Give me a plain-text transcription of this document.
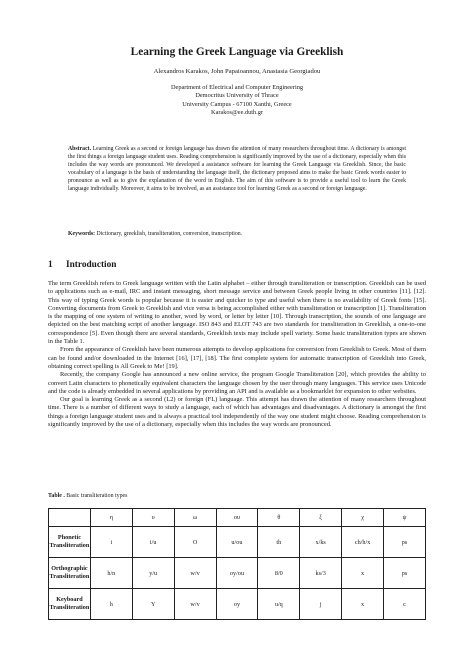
Learning the Greek Language via Greeklish
Alexandros Karakos, John Papaioannou, Anastasia Georgiadou
Department of Electrical and Computer Engineering
Democritus University of Thrace
University Campus - 67100 Xanthi, Greece
Karakos@ee.duth.gr
Abstract. Learning Greek as a second or foreign language has drawn the attention of many researchers throughout time. A dictionary is amongst the first things a foreign language student uses. Reading comprehension is significantly improved by the use of a dictionary, especially when this includes the way words are pronounced. We developed a assistance software for learning the Greek Language via Greeklish. Since, the basic vocabulary of a language is the basis of understanding the language itself, the dictionary proposed aims to make the basic Greek words easier to pronounce as well as to give the explanation of the word in English. The aim of this software is to provide a useful tool to learn the Greek language individually. Moreover, it aims to be involved, as an assistance tool for learning Greek as a second or foreign language.
Keywords: Dictionary, greeklish, transliteration, conversion, transcription.
1 Introduction

The term Greeklish refers to Greek language written with the Latin alphabet – either through transliteration or transcription. Greeklish can be used to applications such as e-mail, IRC and instant messaging, short message service and between Greek people living in other countries [11]. [12]. This way of typing Greek words is popular because it is easier and quicker to type and useful when there is no availability of Greek fonts [15]. Converting documents from Greek to Greeklish and vice versa is being accomplished either with transliteration or transcription [1]. Transliteration is the mapping of one system of writing to another, word by word, or letter by letter [10]. Through transcription, the sounds of one language are depicted on the best matching script of another language. ISO 843 and ELOT 743 are two standards for transliteration in Greeklish, a one-to-one correspondence [5]. Even though there are several standards, Greeklish texts may include spell variety. Some basic transliteration types are shown in the Table 1.

From the appearance of Greeklish have been numerous attempts to develop applications for conversion from Greeklish to Greek. Most of them can be found and/or downloaded in the Internet [16], [17], [18]. The first complete system for automatic transcription of Greeklish into Greek, obtaining correct spelling is All Greek to Me! [19].

Recently, the company Google has announced a new online service, the program Google Transliteration [20], which provides the ability to convert Latin characters to phonetically equivalent characters the language chosen by the user through many languages. This service uses Unicode and the code is already embedded in several applications by providing an API and is available as a bookmarklet for expansion to other websites.

Our goal is learning Greek as a second (L2) or foreign (FL) language. This attempt has drawn the attention of many researchers throughout time. There is a number of different ways to study a language, each of which has advantages and disadvantages. A dictionary is amongst the first things a foreign language student uses and is always a practical tool independently of the way one student might choose. Reading comprehension is significantly improved by the use of a dictionary, especially when this includes the way words are pronounced.

Table . Basic transliteration types
	η	υ	ω	ου	θ	ξ	χ	ψ

Phonetic
Transliteration	i	i/u	O	u/ou	th	x/ks	ch/h/x	ps

Orthographic
Transliteration	h/n	y/u	w/v	oy/ou	8/0	ks/3	x	ps

Keyboard
Transliteration	h	Y	w/v	oy	u/q	j	x	c
